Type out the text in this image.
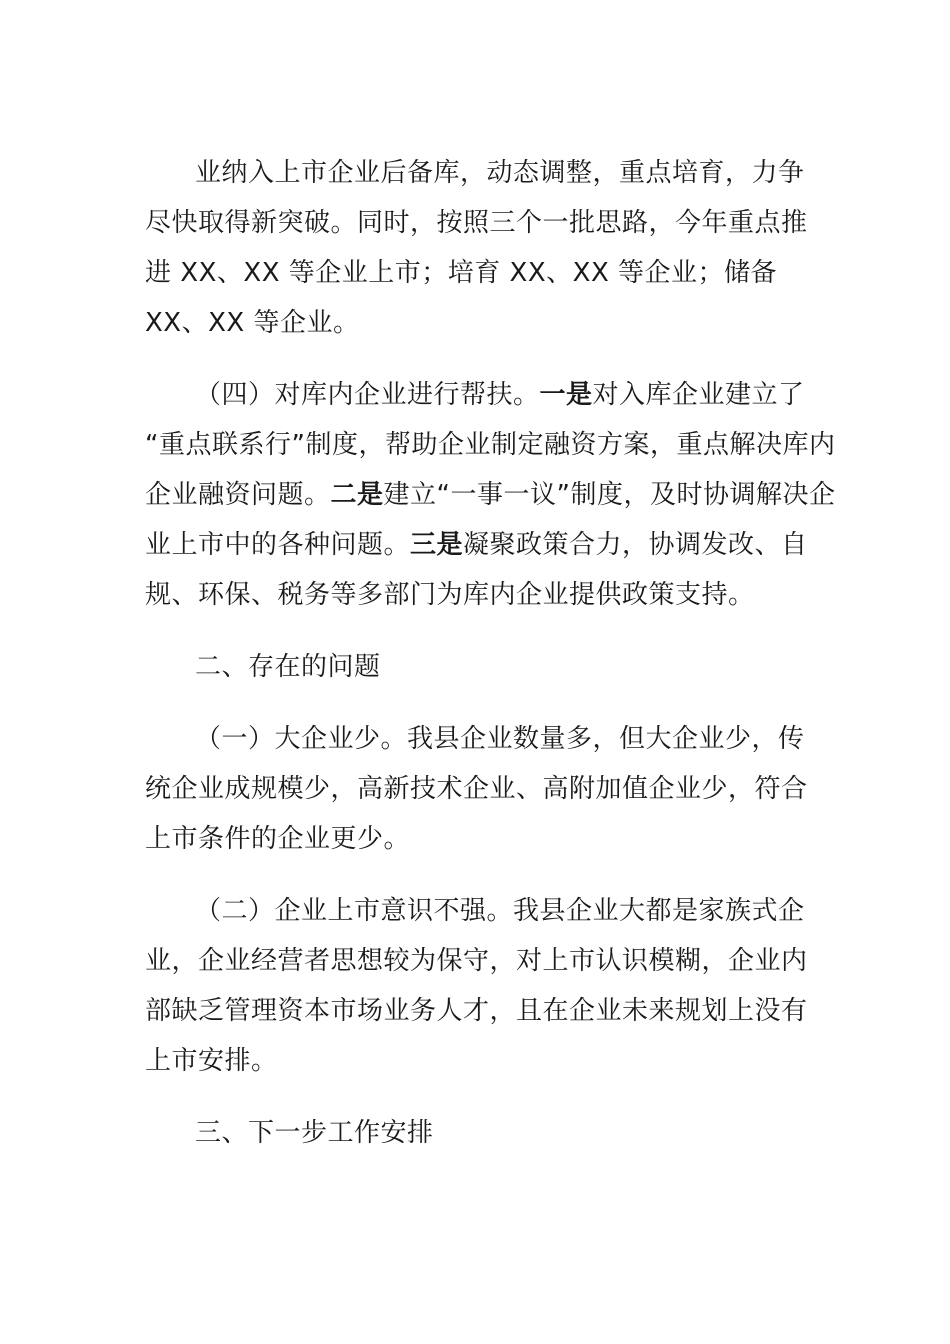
业纳入上市企业后备库，动态调整，重点培育，力争
尽快取得新突破。同时，按照三个一批思路，今年重点推
进 XX、XX 等企业上市；培育 XX、XX 等企业；储备
XX、XX 等企业。
（四）对库内企业进行帮扶。一是对入库企业建立了
“重点联系行”制度，帮助企业制定融资方案，重点解决库内
企业融资问题。二是建立“一事一议”制度，及时协调解决企
业上市中的各种问题。三是凝聚政策合力，协调发改、自
规、环保、税务等多部门为库内企业提供政策支持。
二、存在的问题
（一）大企业少。我县企业数量多，但大企业少，传
统企业成规模少，高新技术企业、高附加值企业少，符合
上市条件的企业更少。
（二）企业上市意识不强。我县企业大都是家族式企
业，企业经营者思想较为保守，对上市认识模糊，企业内
部缺乏管理资本市场业务人才，且在企业未来规划上没有
上市安排。
三、下一步工作安排
